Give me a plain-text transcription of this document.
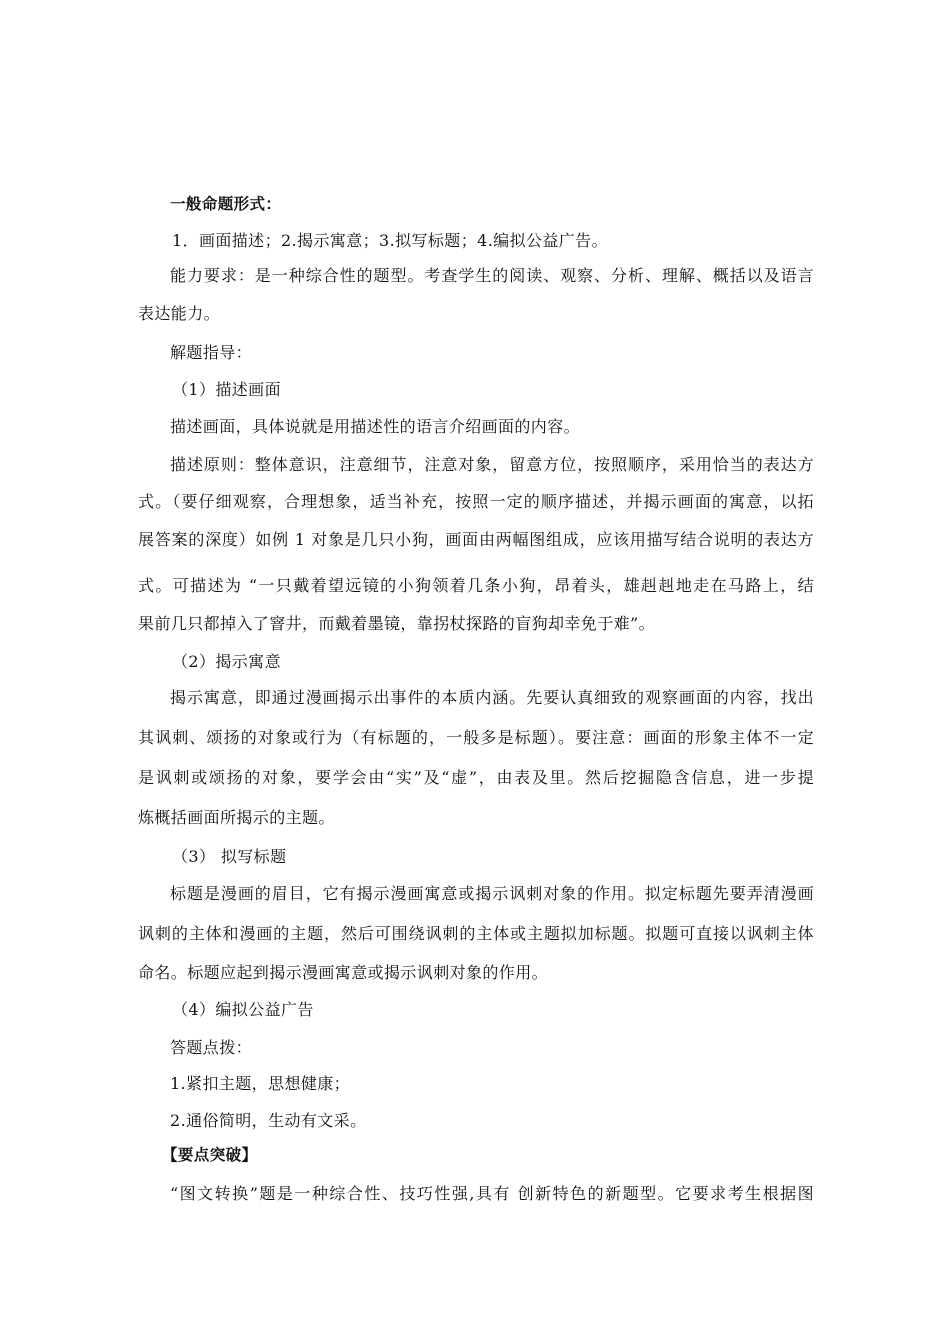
一般命题形式：
1．画面描述；2.揭示寓意；3.拟写标题；4.编拟公益广告。
能力要求：是一种综合性的题型。考查学生的阅读、观察、分析、理解、概括以及语言
表达能力。
解题指导：
（1）描述画面
描述画面，具体说就是用描述性的语言介绍画面的内容。
描述原则：整体意识，注意细节，注意对象，留意方位，按照顺序，采用恰当的表达方
式。（要仔细观察，合理想象，适当补充，按照一定的顺序描述，并揭示画面的寓意，以拓
展答案的深度）如例 1 对象是几只小狗，画面由两幅图组成，应该用描写结合说明的表达方
式。可描述为 “一只戴着望远镜的小狗领着几条小狗，昂着头，雄赳赳地走在马路上，结
果前几只都掉入了窨井，而戴着墨镜，靠拐杖探路的盲狗却幸免于难”。
（2）揭示寓意
揭示寓意，即通过漫画揭示出事件的本质内涵。先要认真细致的观察画面的内容，找出
其讽刺、颂扬的对象或行为（有标题的，一般多是标题）。要注意：画面的形象主体不一定
是讽刺或颂扬的对象，要学会由“实”及“虚”，由表及里。然后挖掘隐含信息，进一步提
炼概括画面所揭示的主题。
（3） 拟写标题
标题是漫画的眉目，它有揭示漫画寓意或揭示讽刺对象的作用。拟定标题先要弄清漫画
讽刺的主体和漫画的主题，然后可围绕讽刺的主体或主题拟加标题。拟题可直接以讽刺主体
命名。标题应起到揭示漫画寓意或揭示讽刺对象的作用。
（4）编拟公益广告
答题点拨：
1.紧扣主题，思想健康；
2.通俗简明，生动有文采。
【要点突破】
“图文转换”题是一种综合性、技巧性强,具有 创新特色的新题型。它要求考生根据图
